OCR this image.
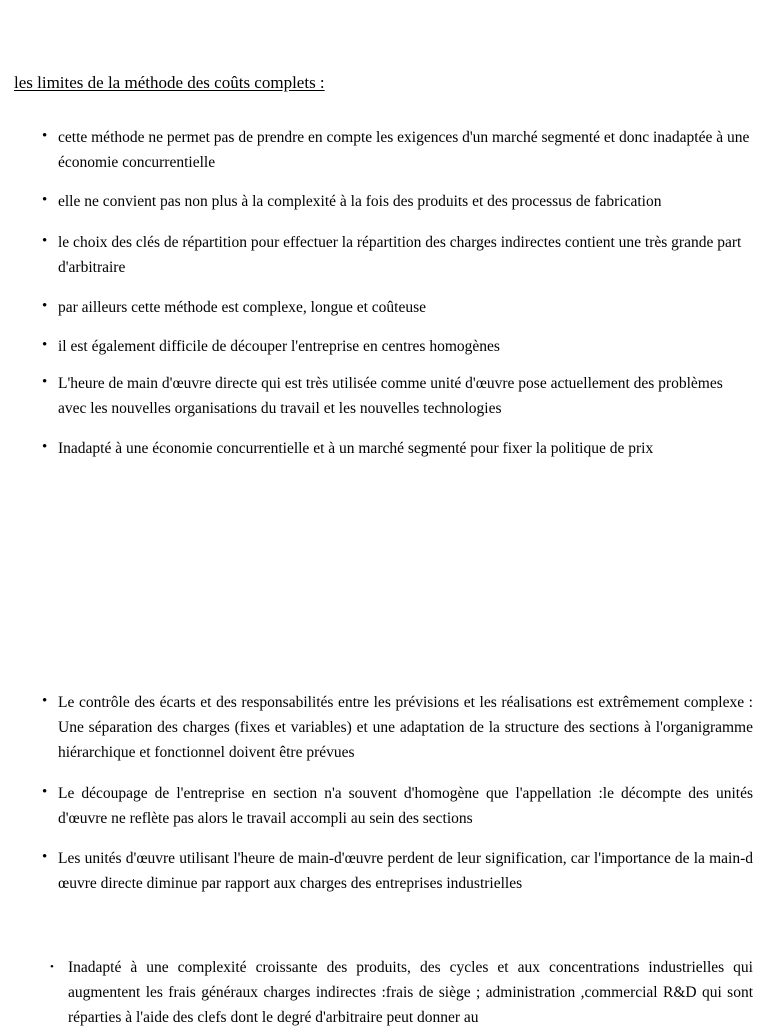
les limites de la méthode des coûts complets :
• cette méthode ne permet pas de prendre en compte les exigences d'un marché segmenté et donc inadaptée à une économie concurrentielle
• elle ne convient pas non plus à la complexité à la fois des produits et des processus de fabrication
• le choix des clés de répartition pour effectuer la répartition des charges indirectes contient une très grande part d'arbitraire
• par ailleurs cette méthode est complexe, longue et coûteuse
• il est également difficile de découper l'entreprise en centres homogènes
• L'heure de main d'œuvre directe qui est très utilisée comme unité d'œuvre pose actuellement des problèmes avec les nouvelles organisations du travail et les nouvelles technologies
• Inadapté à une économie concurrentielle et à un marché segmenté pour fixer la politique de prix
• Le contrôle des écarts et des responsabilités entre les prévisions et les réalisations est extrêmement complexe : Une séparation des charges (fixes et variables) et une adaptation de la structure des sections à l'organigramme hiérarchique et fonctionnel doivent être prévues
• Le découpage de l'entreprise en section n'a souvent d'homogène que l'appellation :le décompte des unités d'œuvre ne reflète pas alors le travail accompli au sein des sections
• Les unités d'œuvre utilisant l'heure de main-d'œuvre perdent de leur signification, car l'importance de la main-d œuvre directe diminue par rapport aux charges des entreprises industrielles
• Inadapté à une complexité croissante des produits, des cycles et aux concentrations industrielles qui augmentent les frais généraux charges indirectes :frais de siège ; administration ,commercial R&D qui sont réparties à l'aide des clefs dont le degré d'arbitraire peut donner au
